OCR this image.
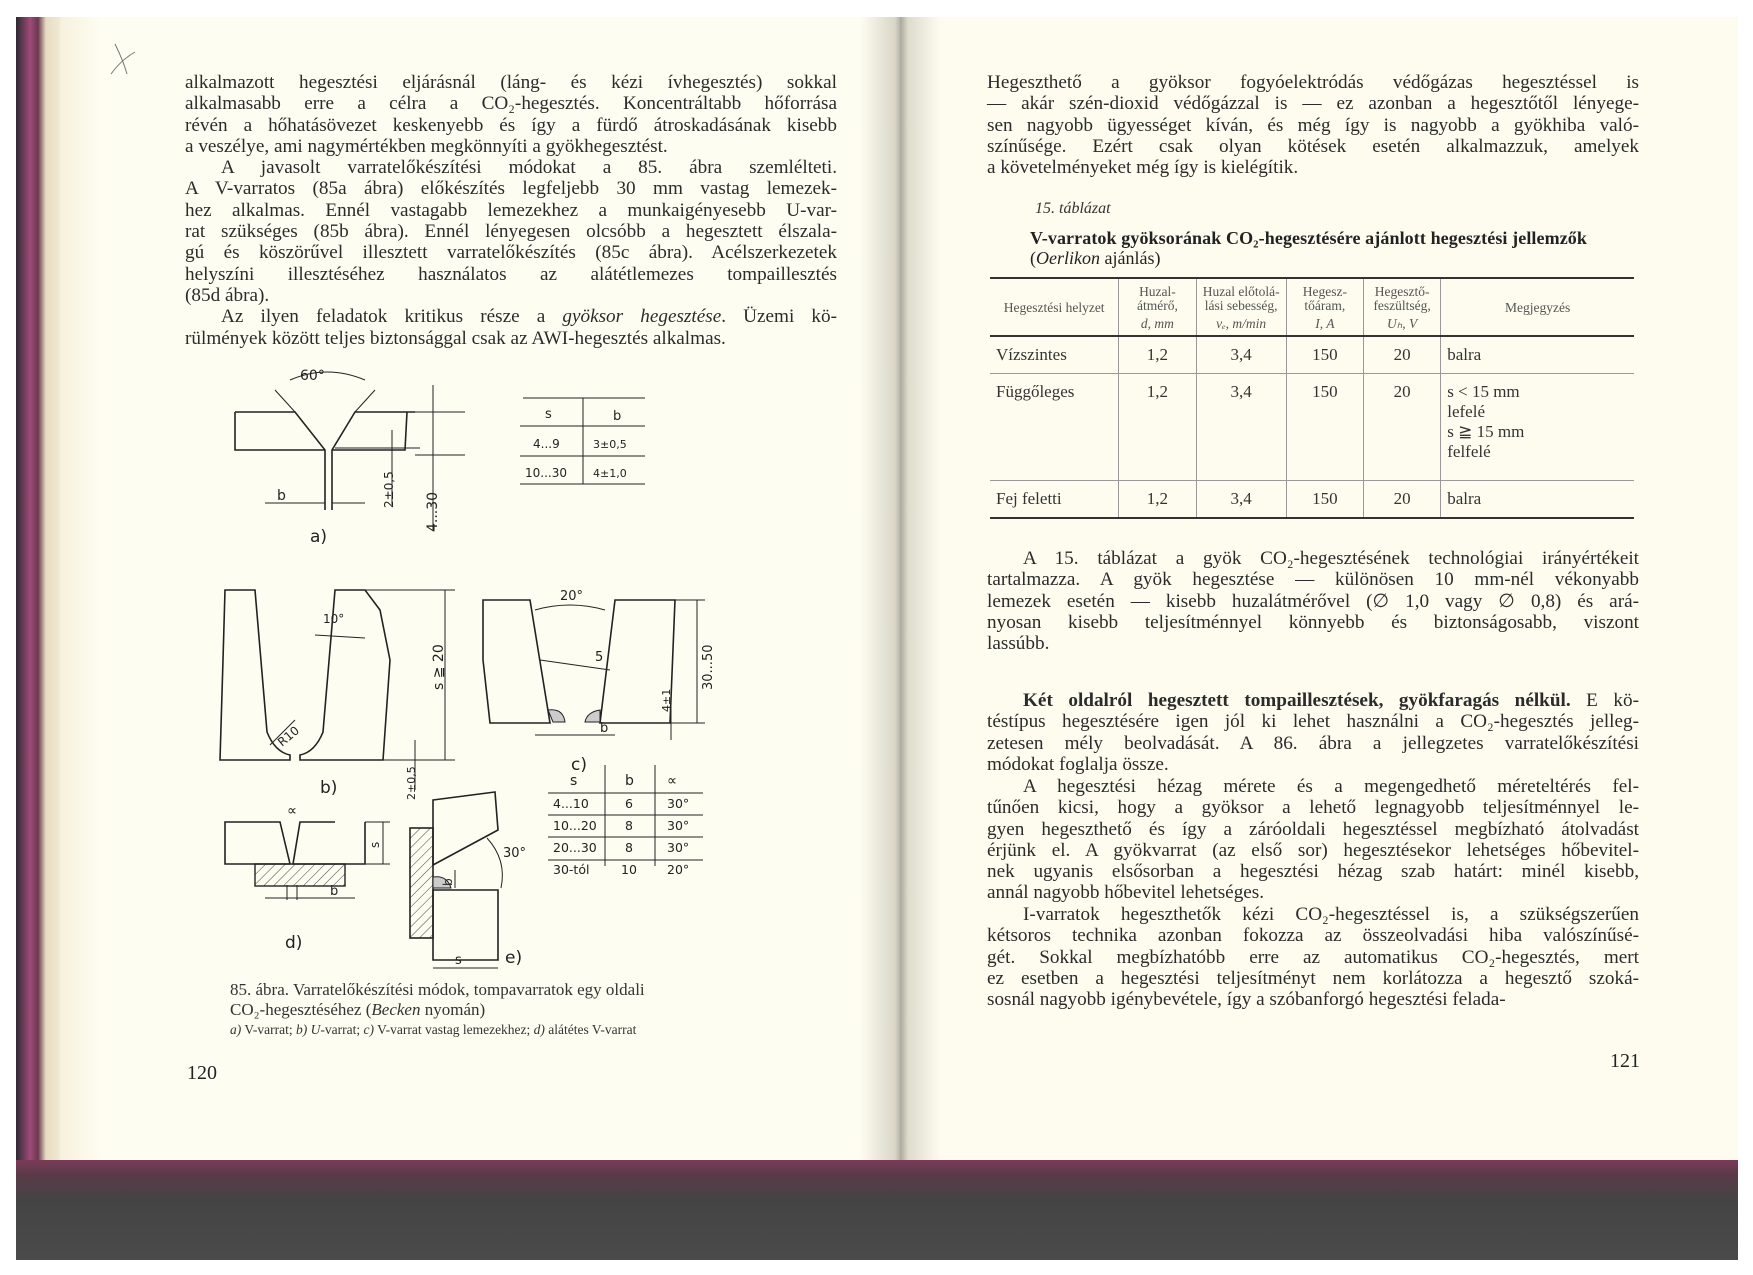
alkalmazott hegesztési eljárásnál (láng- és kézi ívhegesztés) sokkal
alkalmasabb erre a célra a CO₂-hegesztés. Koncentráltabb hőforrása
révén a hőhatásövezet keskenyebb és így a fürdő átroskadásának kisebb
a veszélye, ami nagymértékben megkönnyíti a gyökhegesztést.
A javasolt varratelőkészítési módokat a 85. ábra szemlélteti.
A V-varratos (85a ábra) előkészítés legfeljebb 30 mm vastag lemezek-
hez alkalmas. Ennél vastagabb lemezekhez a munkaigényesebb U-var-
rat szükséges (85b ábra). Ennél lényegesen olcsóbb a hegesztett élszala-
gú és köszörűvel illesztett varratelőkészítés (85c ábra). Acélszerkezetek
helyszíni illesztéséhez használatos az alátétlemezes tompaillesztés
(85d ábra).
Az ilyen feladatok kritikus része a gyöksor hegesztése. Üzemi kö-
rülmények között teljes biztonsággal csak az AWI-hegesztés alkalmas.
60°
b	2±0,5
4...30
a)
s	b
4...9	3±0,5
10...30 4±1,0
10°
R10
s ≧ 20
2±0,5
b)
20°
5	30...50
4±1
b
c)
∝
s
b
d)
30°
b
s	e)
s	b ∝
4...10	6	30°
10...20 8	30°
20...30 8	30°
30-tól	10 20°
85. ábra. Varratelőkészítési módok, tompavarratok egy oldali
CO₂-hegesztéséhez (Becken nyomán)
a) V-varrat; b) U-varrat; c) V-varrat vastag lemezekhez; d) alátétes V-varrat
120
Hegeszthető a gyöksor fogyóelektródás védőgázas hegesztéssel is
— akár szén-dioxid védőgázzal is — ez azonban a hegesztőtől lényege-
sen nagyobb ügyességet kíván, és még így is nagyobb a gyökhiba való-
színűsége. Ezért csak olyan kötések esetén alkalmazzuk, amelyek
a követelményeket még így is kielégítik.
15. táblázat
V-varratok gyöksorának CO₂-hegesztésére ajánlott hegesztési jellemzők
(Oerlikon ajánlás)
Hegesztési helyzet	Huzal-átmérő,
d, mm	Huzal előtolá-lási sebesség,
vₑ, m/min	Hegesz-tőáram,
I, A	Hegesztő-feszültség,
Uₕ, V	Megjegyzés
Vízszintes	1,2	3,4	150	20	balra

Függőleges	1,2	3,4	150	20	s < 15 mm
lefelé
s ≧ 15 mm
felfelé

Fej feletti	1,2	3,4	150	20	balra
A 15. táblázat a gyök CO₂-hegesztésének technológiai irányértékeit
tartalmazza. A gyök hegesztése — különösen 10 mm-nél vékonyabb
lemezek esetén — kisebb huzalátmérővel (∅ 1,0 vagy ∅ 0,8) és ará-
nyosan kisebb teljesítménnyel könnyebb és biztonságosabb, viszont
lassúbb.
Két oldalról hegesztett tompaillesztések, gyökfaragás nélkül. E kö-
téstípus hegesztésére igen jól ki lehet használni a CO₂-hegesztés jelleg-
zetesen mély beolvadását. A 86. ábra a jellegzetes varratelőkészítési
módokat foglalja össze.
A hegesztési hézag mérete és a megengedhető méreteltérés fel-
tűnően kicsi, hogy a gyöksor a lehető legnagyobb teljesítménnyel le-
gyen hegeszthető és így a záróoldali hegesztéssel megbízható átolvadást
érjünk el. A gyökvarrat (az első sor) hegesztésekor lehetséges hőbevitel-
nek ugyanis elsősorban a hegesztési hézag szab határt: minél kisebb,
annál nagyobb hőbevitel lehetséges.
I-varratok hegeszthetők kézi CO₂-hegesztéssel is, a szükségszerűen
kétsoros technika azonban fokozza az összeolvadási hiba valószínűsé-
gét. Sokkal megbízhatóbb erre az automatikus CO₂-hegesztés, mert
ez esetben a hegesztési teljesítményt nem korlátozza a hegesztő szoká-
sosnál nagyobb igénybevétele, így a szóbanforgó hegesztési felada-
121
